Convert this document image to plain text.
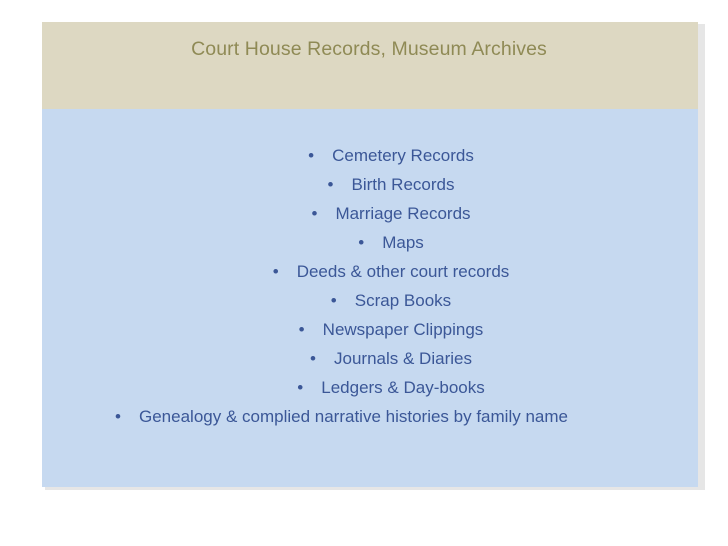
Court House Records, Museum Archives
• Cemetery Records
• Birth Records
• Marriage Records
• Maps
• Deeds & other court records
• Scrap Books
• Newspaper Clippings
• Journals & Diaries
• Ledgers & Day-books
• Genealogy & complied narrative histories by family name
